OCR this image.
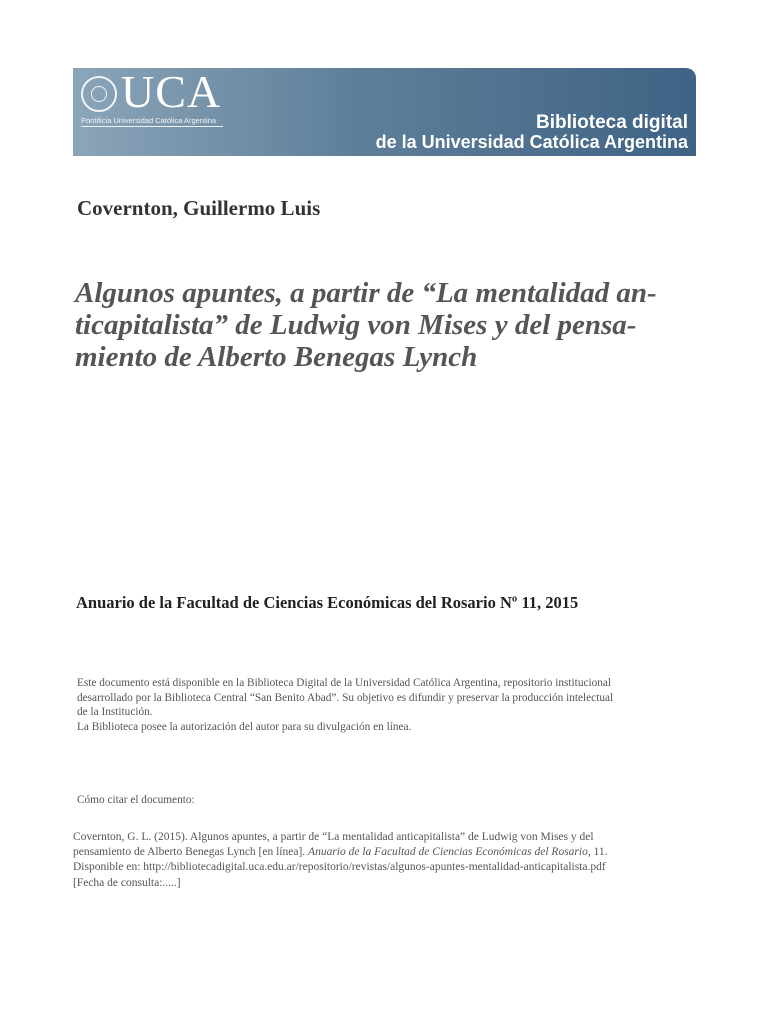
UCA
Pontificia Universidad Católica Argentina	Biblioteca digital
de la Universidad Católica Argentina
Covernton, Guillermo Luis
Algunos apuntes, a partir de “La mentalidad an-
ticapitalista” de Ludwig von Mises y del pensa-
miento de Alberto Benegas Lynch
Anuario de la Facultad de Ciencias Económicas del Rosario Nº 11, 2015
Este documento está disponible en la Biblioteca Digital de la Universidad Católica Argentina, repositorio institucional
desarrollado por la Biblioteca Central “San Benito Abad”. Su objetivo es difundir y preservar la producción intelectual
de la Institución.
La Biblioteca posee la autorización del autor para su divulgación en línea.
Cómo citar el documento:
Covernton, G. L. (2015). Algunos apuntes, a partir de “La mentalidad anticapitalista” de Ludwig von Mises y del
pensamiento de Alberto Benegas Lynch [en línea]. Anuario de la Facultad de Ciencias Económicas del Rosario, 11.
Disponible en: http://bibliotecadigital.uca.edu.ar/repositorio/revistas/algunos-apuntes-mentalidad-anticapitalista.pdf
[Fecha de consulta:.....]
